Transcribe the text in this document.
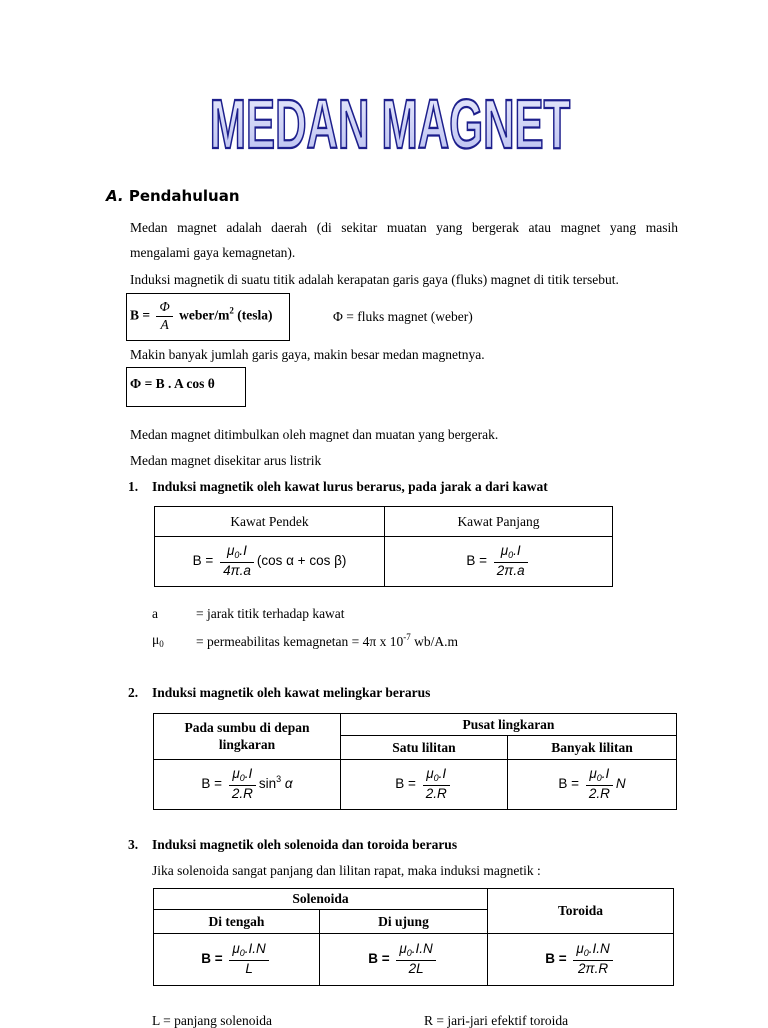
MEDAN MAGNET
A. Pendahuluan
Medan magnet adalah daerah (di sekitar muatan yang bergerak atau magnet yang masih
mengalami gaya kemagnetan).
Induksi magnetik di suatu titik adalah kerapatan garis gaya (fluks) magnet di titik tersebut.
$B = \frac{\Phi}{A}$ weber/$m^2$ (tesla)	Φ = fluks magnet (weber)
Makin banyak jumlah garis gaya, makin besar medan magnetnya.
Φ = B . A cos θ
Medan magnet ditimbulkan oleh magnet dan muatan yang bergerak.
Medan magnet disekitar arus listrik
1. Induksi magnetik oleh kawat lurus berarus, pada jarak a dari kawat
Kawat Pendek	Kawat Panjang
$B = \frac{\mu_0.I}{4\pi.a} (\cos$ α + cos β)	$B = \frac{\mu_0.I}{2\pi.a}$
a	= jarak titik terhadap kawat
$\mu_0$ = permeabilitas kemagnetan = 4π x $10^{-7}$ wb/A.m
2. Induksi magnetik oleh kawat melingkar berarus
Pada sumbu di depan
lingkaran	Pusat lingkaran	
	Satu lilitan	Banyak lilitan
$B = \frac{\mu_0.I}{2.R} \sin^3 \alpha$	$B = \frac{\mu_0.I}{2.R}$	$B = \frac{\mu_0.I}{2.R}$ N
3. Induksi magnetik oleh solenoida dan toroida berarus
Jika solenoida sangat panjang dan lilitan rapat, maka induksi magnetik :
Solenoida		Toroida
Di tengah	Di ujung	
$B = \frac{\mu_0.I.N}{L}$	$B = \frac{\mu_0.I.N}{2L}$	$B = \frac{\mu_0.I.N}{2\pi.R}$
L = panjang solenoida	R = jari-jari efektif toroida
